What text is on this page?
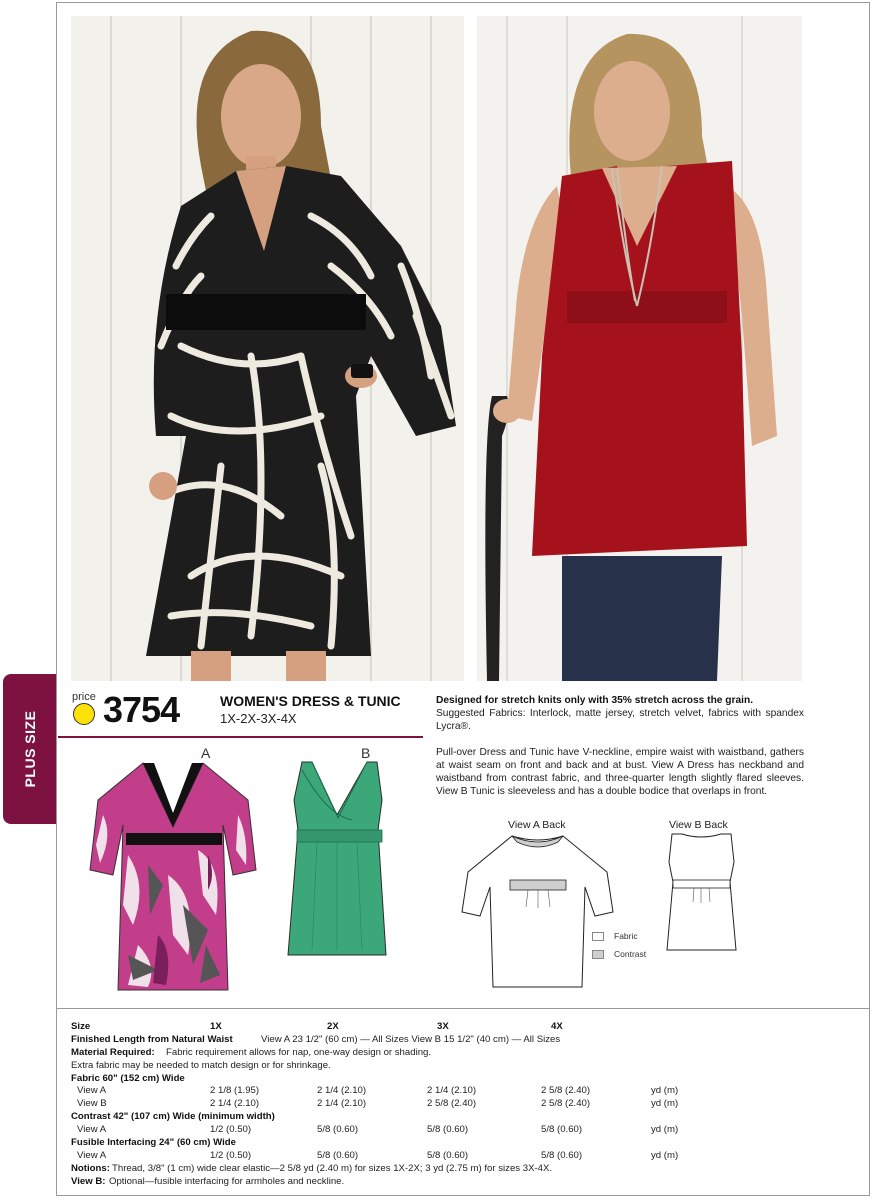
PLUS SIZE
price 3754	WOMEN'S DRESS & TUNIC
1X-2X-3X-4X

Designed for stretch knits only with 35% stretch across the grain.
Suggested Fabrics: Interlock, matte jersey, stretch velvet, fabrics with spandex Lycra®.

Pull-over Dress and Tunic have V-neckline, empire waist with waistband, gathers at waist seam on front and back and at bust. View A Dress has neckband and waistband from contrast fabric, and three-quarter length slightly flared sleeves. View B Tunic is sleeveless and has a double bodice that overlaps in front.

A	B
View A Back	View B Back
Fabric
Contrast
Size	1X	2X	3X	4X
Finished Length from Natural Waist	View A 23 1/2" (60 cm) — All Sizes View B 15 1/2" (40 cm) — All Sizes
Material Required: Fabric requirement allows for nap, one-way design or shading.
Extra fabric may be needed to match design or for shrinkage.
Fabric 60" (152 cm) Wide
View A	2 1/8 (1.95)	2 1/4 (2.10)	2 1/4 (2.10)	2 5/8 (2.40)	yd (m)
View B	2 1/4 (2.10)	2 1/4 (2.10)	2 5/8 (2.40)	2 5/8 (2.40)	yd (m)
Contrast 42" (107 cm) Wide (minimum width)
View A	1/2 (0.50)	5/8 (0.60)	5/8 (0.60)	5/8 (0.60)	yd (m)
Fusible Interfacing 24" (60 cm) Wide
View A	1/2 (0.50)	5/8 (0.60)	5/8 (0.60)	5/8 (0.60)	yd (m)
Notions: Thread, 3/8" (1 cm) wide clear elastic—2 5/8 yd (2.40 m) for sizes 1X-2X; 3 yd (2.75 m) for sizes 3X-4X.
View B: Optional—fusible interfacing for armholes and neckline.
